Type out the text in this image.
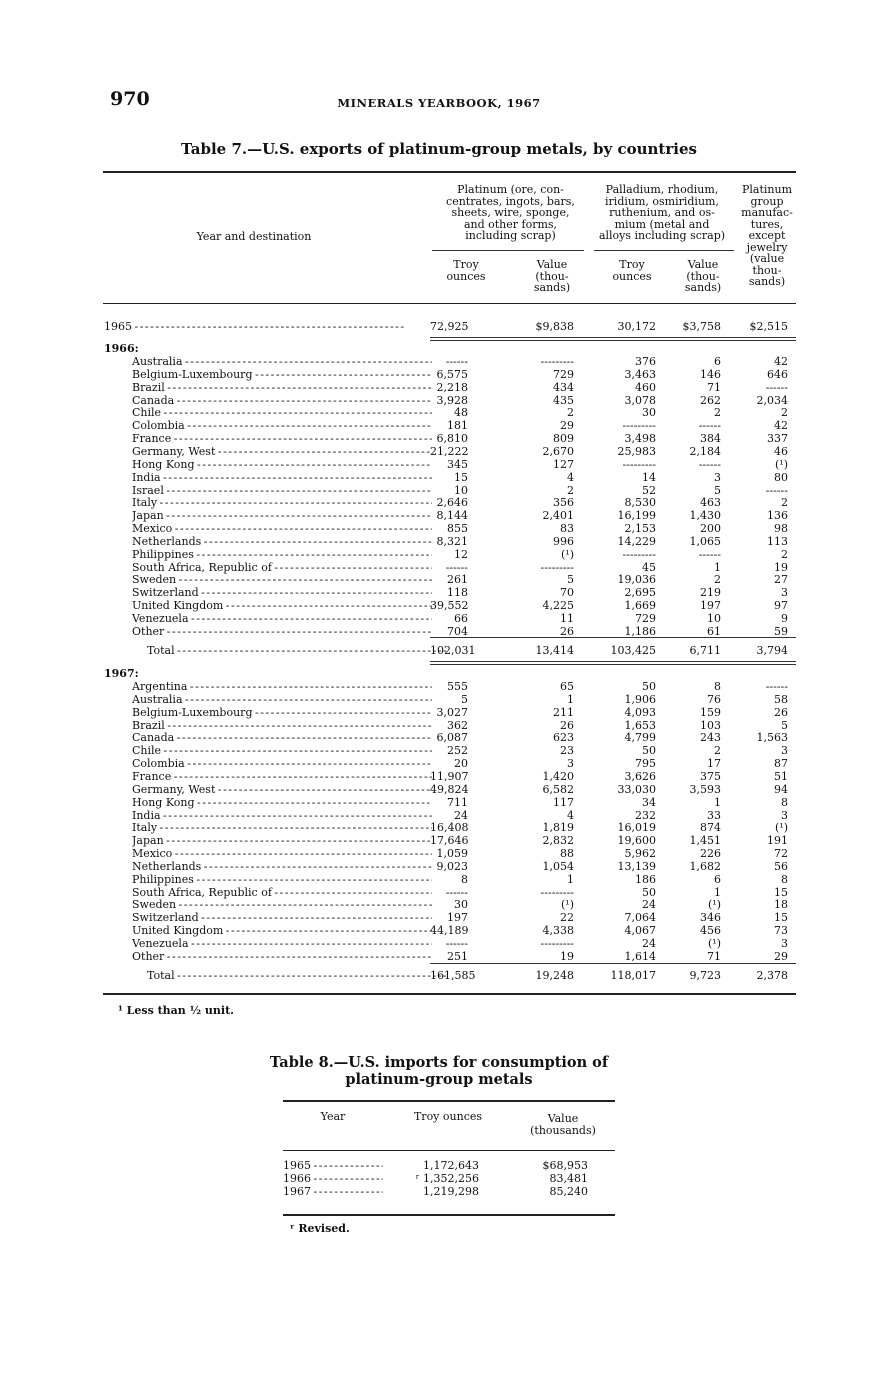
970	MINERALS YEARBOOK, 1967
Table 7.—U.S. exports of platinum-group metals, by countries
Year and destination
Platinum (ore, con-
centrates, ingots, bars,
sheets, wire, sponge,
and other forms,
including scrap)
Palladium, rhodium,
iridium, osmiridium,
ruthenium, and os-
mium (metal and
alloys including scrap)
Platinum
group
manufac-
tures,
except
jewelry
(value
thou-
sands)
Troy
ounces
Value
(thou-
sands)
Troy
ounces
Value
(thou-
sands)
1965 - - -	72,925	$9,838	30,172	$3,758	$2,515
1966:
Australia - - -	------	---------	376	6	42
Belgium-Luxembourg - - -	6,575	729	3,463	146	646
Brazil - - -	2,218	434	460	71	------
Canada - - -	3,928	435	3,078	262	2,034
Chile - - -	48	2	30	2	2
Colombia - - -	181	29	---------	------	42
France - - -	6,810	809	3,498	384	337
Germany, West - - -	21,222	2,670	25,983	2,184	46
Hong Kong - - -	345	127	---------	------	(¹)
India - - -	15	4	14	3	80
Israel - - -	10	2	52	5	------
Italy - - -	2,646	356	8,530	463	2
Japan - - -	8,144	2,401	16,199	1,430	136
Mexico - - -	855	83	2,153	200	98
Netherlands - - -	8,321	996	14,229	1,065	113
Philippines - - -	12	(¹)	---------	------	2
South Africa, Republic of - - -	------	---------	45	1	19
Sweden - - -	261	5	19,036	2	27
Switzerland - - -	118	70	2,695	219	3
United Kingdom - - -	39,552	4,225	1,669	197	97
Venezuela - - -	66	11	729	10	9
Other - - -	704	26	1,186	61	59
Total - - -	102,031	13,414	103,425	6,711	3,794
1967:
Argentina - - -	555	65	50	8	------
Australia - - -	5	1	1,906	76	58
Belgium-Luxembourg - - -	3,027	211	4,093	159	26
Brazil - - -	362	26	1,653	103	5
Canada - - -	6,087	623	4,799	243	1,563
Chile - - -	252	23	50	2	3
Colombia - - -	20	3	795	17	87
France - - -	11,907	1,420	3,626	375	51
Germany, West - - -	49,824	6,582	33,030	3,593	94
Hong Kong - - -	711	117	34	1	8
India - - -	24	4	232	33	3
Italy - - -	16,408	1,819	16,019	874	(¹)
Japan - - -	17,646	2,832	19,600	1,451	191
Mexico - - -	1,059	88	5,962	226	72
Netherlands - - -	9,023	1,054	13,139	1,682	56
Philippines - - -	8	1	186	6	8
South Africa, Republic of - - -	------	---------	50	1	15
Sweden - - -	30	(¹)	24	(¹)	18
Switzerland - - -	197	22	7,064	346	15
United Kingdom - - -	44,189	4,338	4,067	456	73
Venezuela - - -	------	---------	24	(¹)	3
Other - - -	251	19	1,614	71	29
Total - - -	161,585	19,248	118,017	9,723	2,378
¹ Less than ½ unit.
Table 8.—U.S. imports for consumption of
platinum-group metals
Year	Troy ounces	Value
(thousands)
1965 - - -	1,172,643	$68,953
1966 - - -	ʳ 1,352,256	83,481
1967 - - -	1,219,298	85,240
ʳ Revised.
